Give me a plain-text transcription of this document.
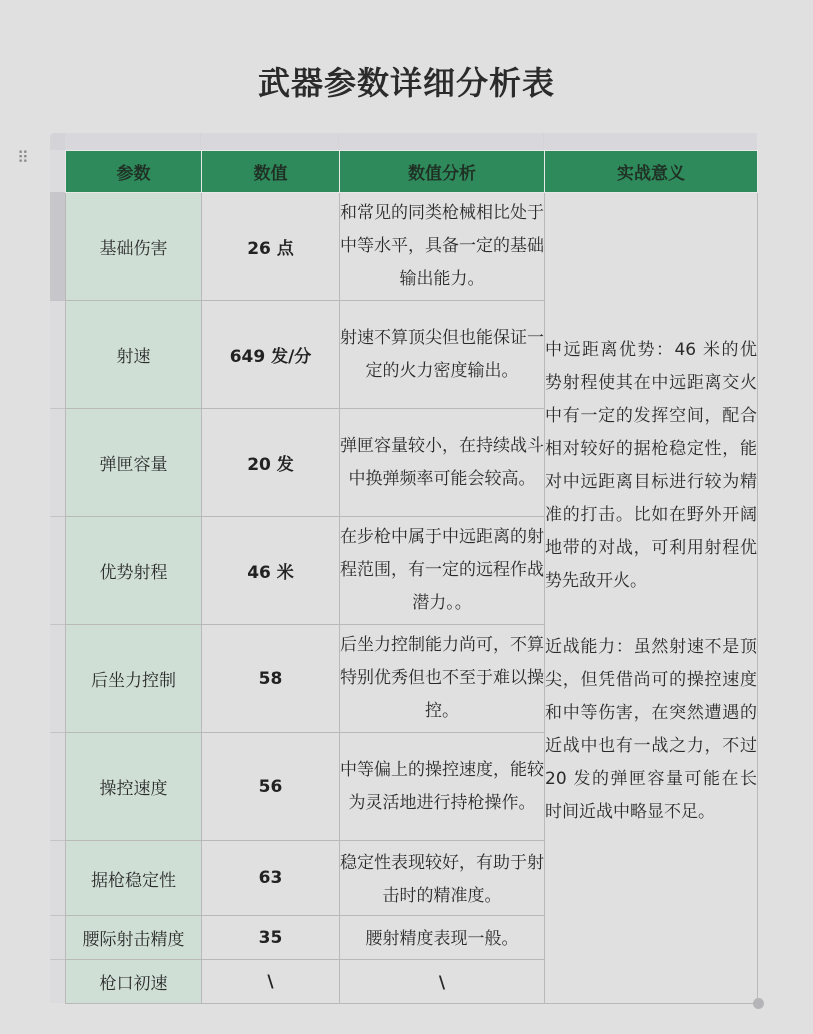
武器参数详细分析表
⠿
参数	数值	数值分析	实战意义
基础伤害	26 点	和常见的同类枪械相比处于中等水平，具备一定的基础输出能力。	中远距离优势：46 米的优势射程使其在中远距离交火中有一定的发挥空间，配合相对较好的据枪稳定性，能对中远距离目标进行较为精准的打击。比如在野外开阔地带的对战，可利用射程优势先敌开火。

近战能力：虽然射速不是顶尖，但凭借尚可的操控速度和中等伤害，在突然遭遇的近战中也有一战之力，不过 20 发的弹匣容量可能在长时间近战中略显不足。

射速	649 发/分	射速不算顶尖但也能保证一定的火力密度输出。	
弹匣容量	20 发	弹匣容量较小，在持续战斗中换弹频率可能会较高。	
优势射程	46 米	在步枪中属于中远距离的射程范围，有一定的远程作战潜力。。	
后坐力控制	58	后坐力控制能力尚可，不算特别优秀但也不至于难以操控。	
操控速度	56	中等偏上的操控速度，能较为灵活地进行持枪操作。	
据枪稳定性	63	稳定性表现较好，有助于射击时的精准度。	
腰际射击精度	35	腰射精度表现一般。	
枪口初速	\	\	
